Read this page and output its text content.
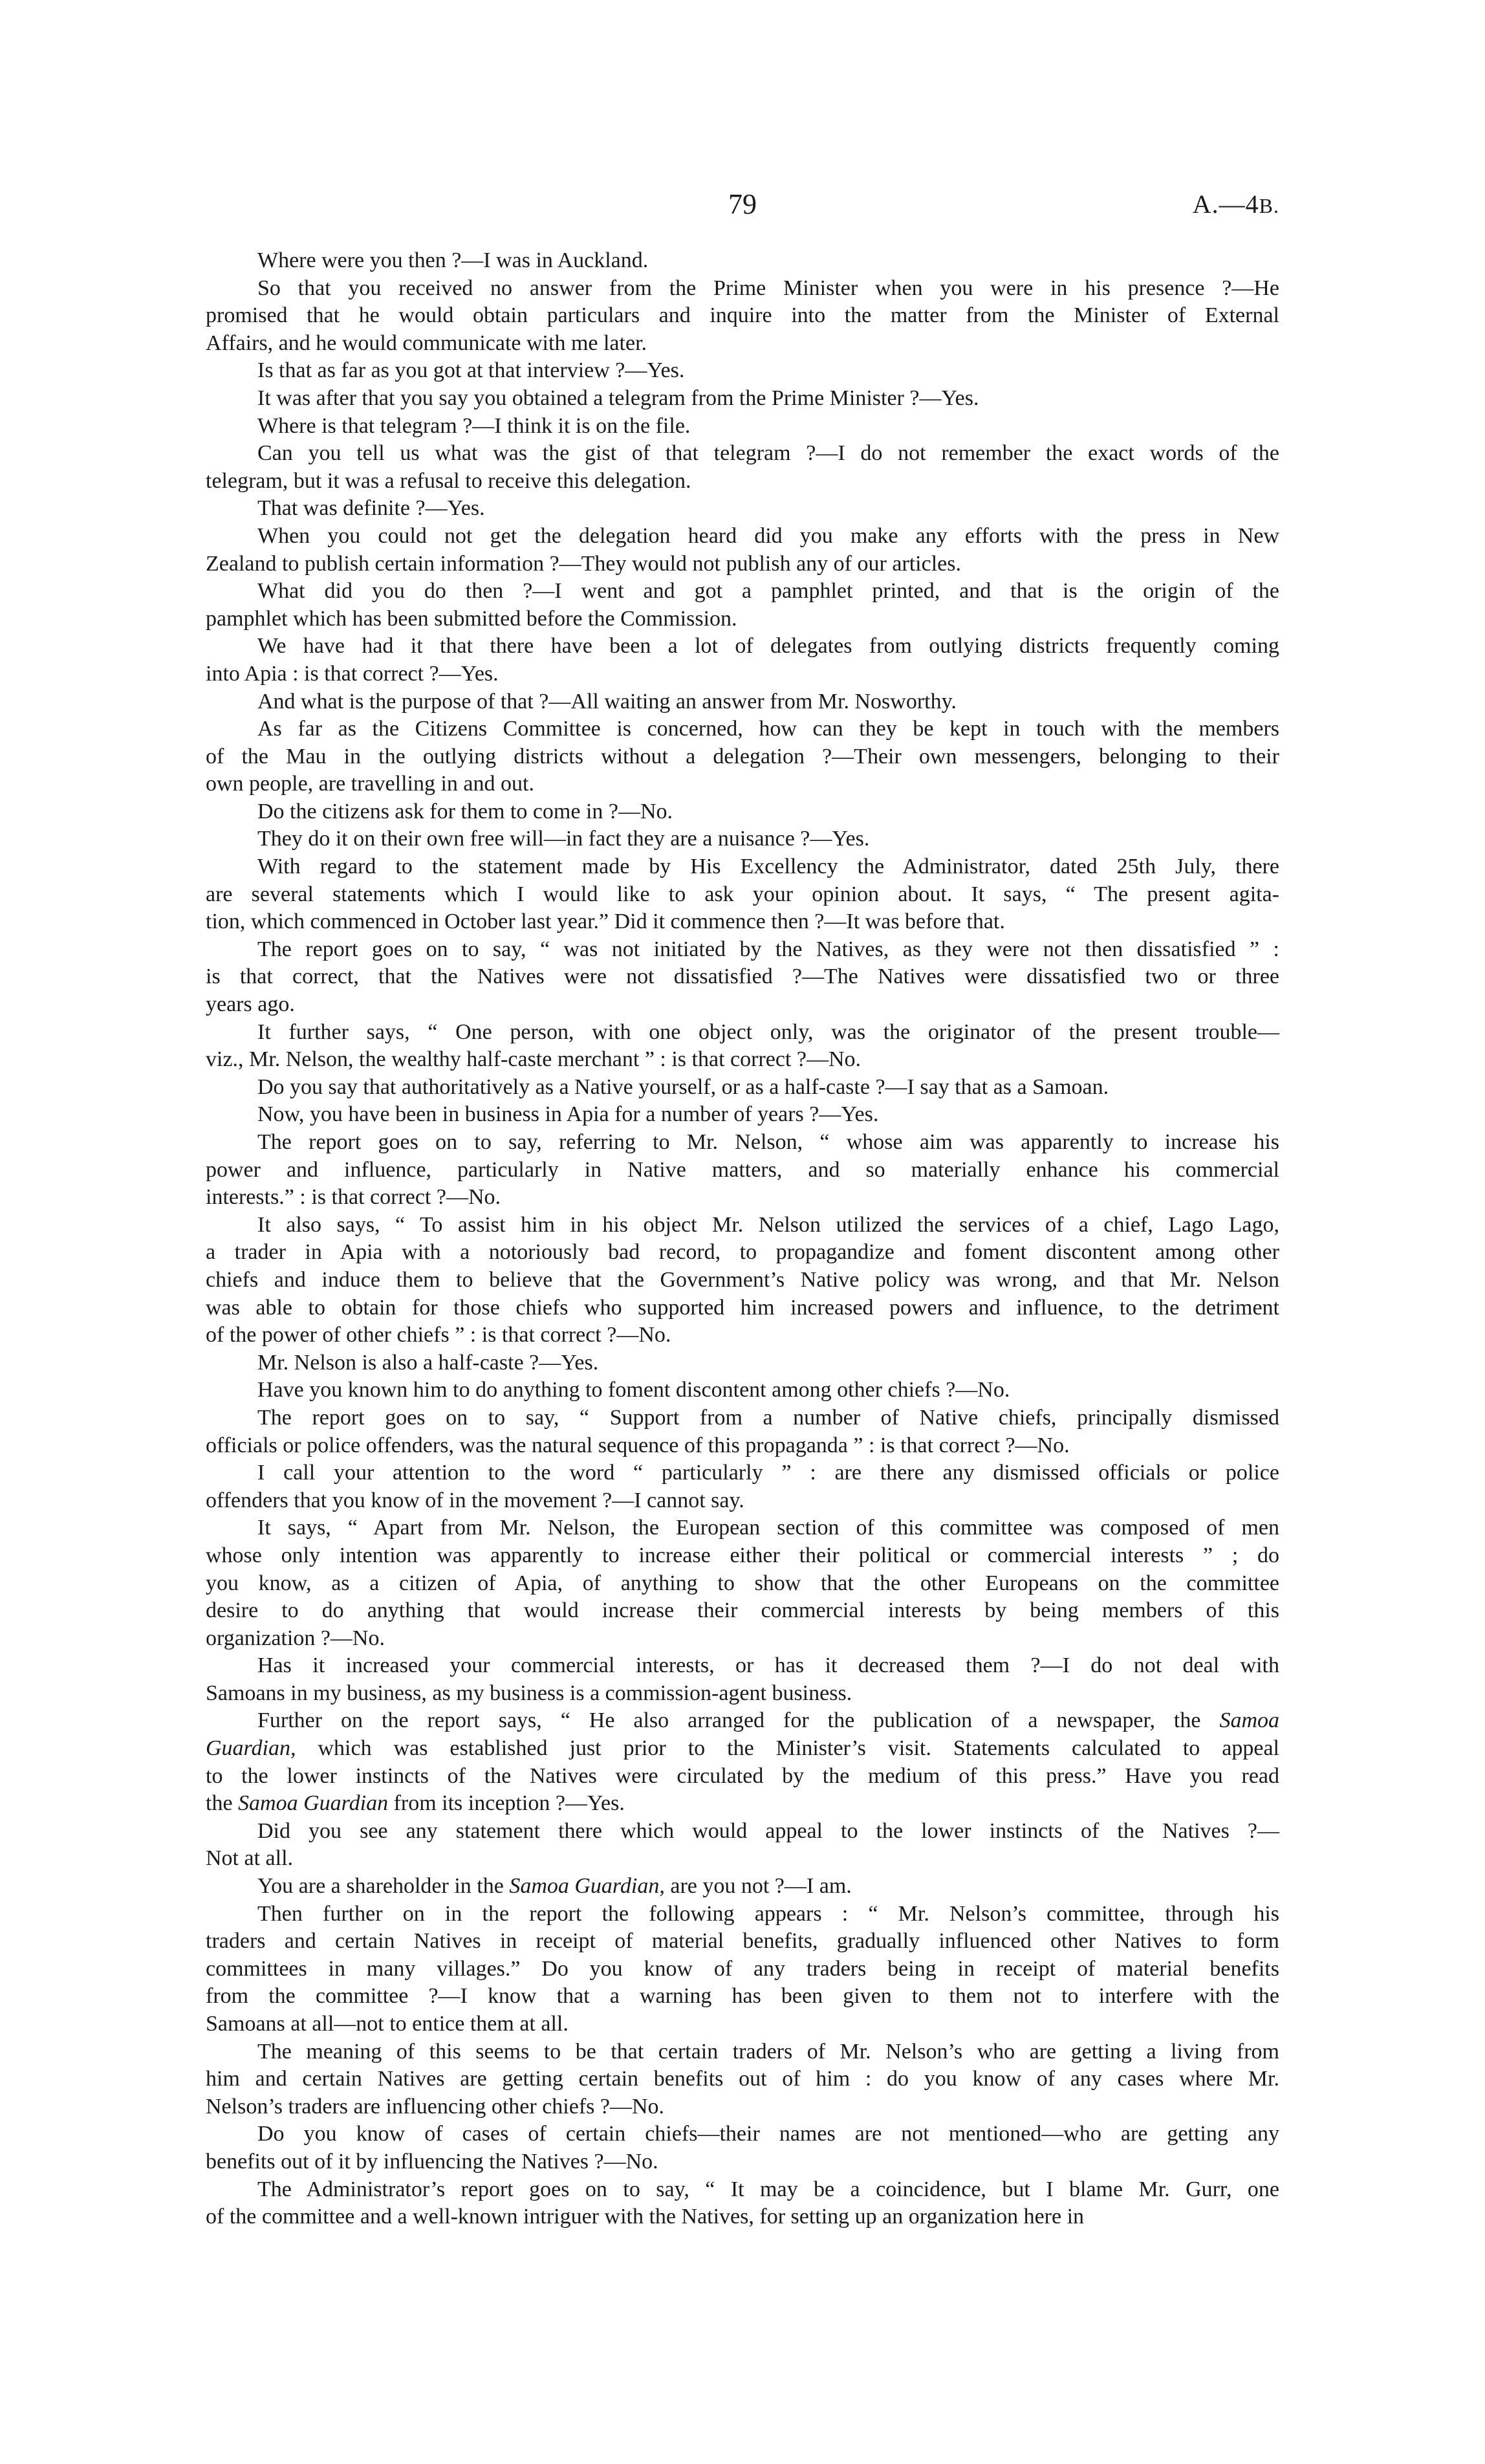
79	A.—4B.

Where were you then ?—I was in Auckland.
So that you received no answer from the Prime Minister when you were in his presence ?—He
promised that he would obtain particulars and inquire into the matter from the Minister of External
Affairs, and he would communicate with me later.
Is that as far as you got at that interview ?—Yes.
It was after that you say you obtained a telegram from the Prime Minister ?—Yes.
Where is that telegram ?—I think it is on the file.
Can you tell us what was the gist of that telegram ?—I do not remember the exact words of the
telegram, but it was a refusal to receive this delegation.
That was definite ?—Yes.
When you could not get the delegation heard did you make any efforts with the press in New
Zealand to publish certain information ?—They would not publish any of our articles.
What did you do then ?—I went and got a pamphlet printed, and that is the origin of the
pamphlet which has been submitted before the Commission.
We have had it that there have been a lot of delegates from outlying districts frequently coming
into Apia : is that correct ?—Yes.
And what is the purpose of that ?—All waiting an answer from Mr. Nosworthy.
As far as the Citizens Committee is concerned, how can they be kept in touch with the members
of the Mau in the outlying districts without a delegation ?—Their own messengers, belonging to their
own people, are travelling in and out.
Do the citizens ask for them to come in ?—No.
They do it on their own free will—in fact they are a nuisance ?—Yes.
With regard to the statement made by His Excellency the Administrator, dated 25th July, there
are several statements which I would like to ask your opinion about. It says, “ The present agita-
tion, which commenced in October last year.” Did it commence then ?—It was before that.
The report goes on to say, “ was not initiated by the Natives, as they were not then dissatisfied ” :
is that correct, that the Natives were not dissatisfied ?—The Natives were dissatisfied two or three
years ago.
It further says, “ One person, with one object only, was the originator of the present trouble—
viz., Mr. Nelson, the wealthy half-caste merchant ” : is that correct ?—No.
Do you say that authoritatively as a Native yourself, or as a half-caste ?—I say that as a Samoan.
Now, you have been in business in Apia for a number of years ?—Yes.
The report goes on to say, referring to Mr. Nelson, “ whose aim was apparently to increase his
power and influence, particularly in Native matters, and so materially enhance his commercial
interests.” : is that correct ?—No.
It also says, “ To assist him in his object Mr. Nelson utilized the services of a chief, Lago Lago,
a trader in Apia with a notoriously bad record, to propagandize and foment discontent among other
chiefs and induce them to believe that the Government’s Native policy was wrong, and that Mr. Nelson
was able to obtain for those chiefs who supported him increased powers and influence, to the detriment
of the power of other chiefs ” : is that correct ?—No.
Mr. Nelson is also a half-caste ?—Yes.
Have you known him to do anything to foment discontent among other chiefs ?—No.
The report goes on to say, “ Support from a number of Native chiefs, principally dismissed
officials or police offenders, was the natural sequence of this propaganda ” : is that correct ?—No.
I call your attention to the word “ particularly ” : are there any dismissed officials or police
offenders that you know of in the movement ?—I cannot say.
It says, “ Apart from Mr. Nelson, the European section of this committee was composed of men
whose only intention was apparently to increase either their political or commercial interests ” ; do
you know, as a citizen of Apia, of anything to show that the other Europeans on the committee
desire to do anything that would increase their commercial interests by being members of this
organization ?—No.
Has it increased your commercial interests, or has it decreased them ?—I do not deal with
Samoans in my business, as my business is a commission-agent business.
Further on the report says, “ He also arranged for the publication of a newspaper, the Samoa
Guardian, which was established just prior to the Minister’s visit. Statements calculated to appeal
to the lower instincts of the Natives were circulated by the medium of this press.” Have you read
the Samoa Guardian from its inception ?—Yes.
Did you see any statement there which would appeal to the lower instincts of the Natives ?—
Not at all.
You are a shareholder in the Samoa Guardian, are you not ?—I am.
Then further on in the report the following appears : “ Mr. Nelson’s committee, through his
traders and certain Natives in receipt of material benefits, gradually influenced other Natives to form
committees in many villages.” Do you know of any traders being in receipt of material benefits
from the committee ?—I know that a warning has been given to them not to interfere with the
Samoans at all—not to entice them at all.
The meaning of this seems to be that certain traders of Mr. Nelson’s who are getting a living from
him and certain Natives are getting certain benefits out of him : do you know of any cases where Mr.
Nelson’s traders are influencing other chiefs ?—No.
Do you know of cases of certain chiefs—their names are not mentioned—who are getting any
benefits out of it by influencing the Natives ?—No.
The Administrator’s report goes on to say, “ It may be a coincidence, but I blame Mr. Gurr, one
of the committee and a well-known intriguer with the Natives, for setting up an organization here in
